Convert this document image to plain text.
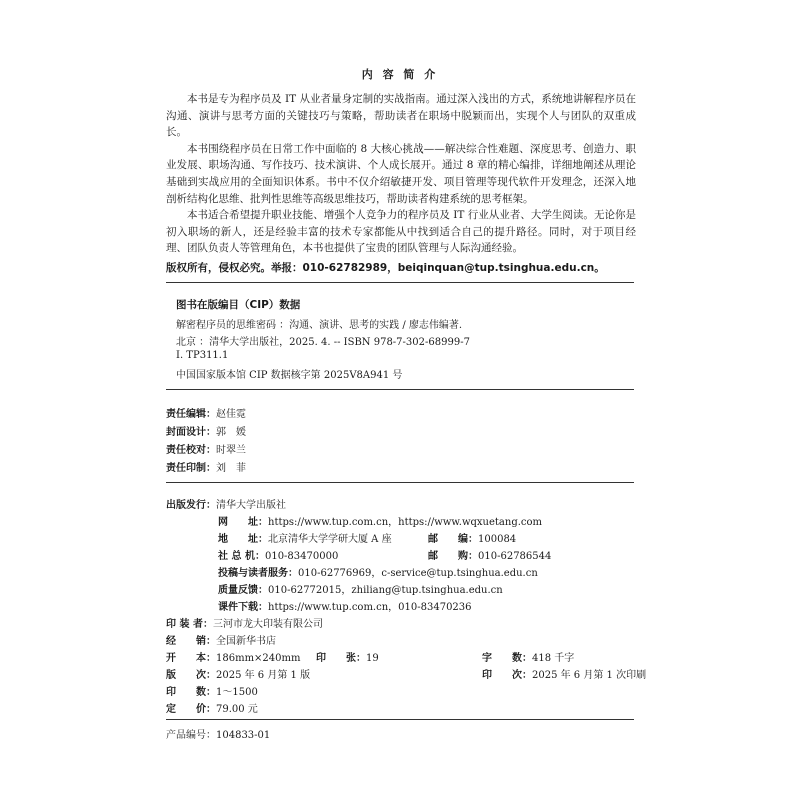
内 容 简 介

本书是专为程序员及 IT 从业者量身定制的实战指南。通过深入浅出的方式，系统地讲解程序员在沟通、演讲与思考方面的关键技巧与策略，帮助读者在职场中脱颖而出，实现个人与团队的双重成长。

本书围绕程序员在日常工作中面临的 8 大核心挑战——解决综合性难题、深度思考、创造力、职业发展、职场沟通、写作技巧、技术演讲、个人成长展开。通过 8 章的精心编排，详细地阐述从理论基础到实战应用的全面知识体系。书中不仅介绍敏捷开发、项目管理等现代软件开发理念，还深入地剖析结构化思维、批判性思维等高级思维技巧，帮助读者构建系统的思考框架。

本书适合希望提升职业技能、增强个人竞争力的程序员及 IT 行业从业者、大学生阅读。无论你是初入职场的新人，还是经验丰富的技术专家都能从中找到适合自己的提升路径。同时，对于项目经理、团队负责人等管理角色，本书也提供了宝贵的团队管理与人际沟通经验。

版权所有，侵权必究。举报：010-62782989，beiqinquan@tup.tsinghua.edu.cn。
图书在版编目（CIP）数据
解密程序员的思维密码 ：沟通、演讲、思考的实践 / 廖志伟编著.
北京 ：清华大学出版社，2025. 4. -- ISBN 978-7-302-68999-7
Ⅰ. TP311.1
中国国家版本馆 CIP 数据核字第 2025V8A941 号
责任编辑：赵佳霓
封面设计：郭　媛
责任校对：时翠兰
责任印制：刘　菲
出版发行：清华大学出版社
网　　址：https://www.tup.com.cn，https://www.wqxuetang.com
地　　址：北京清华大学学研大厦 A 座	邮　　编：100084
社 总 机：010-83470000	邮　　购：010-62786544
投稿与读者服务：010-62776969，c-service@tup.tsinghua.edu.cn
质量反馈：010-62772015，zhiliang@tup.tsinghua.edu.cn
课件下载：https://www.tup.com.cn，010-83470236
印 装 者：三河市龙大印装有限公司
经　　销：全国新华书店
开　　本：186mm×240mm 印　　张：19	字　　数：418 千字
版　　次：2025 年 6 月第 1 版	印　　次：2025 年 6 月第 1 次印刷
印　　数：1～1500
定　　价：79.00 元
产品编号：104833-01
